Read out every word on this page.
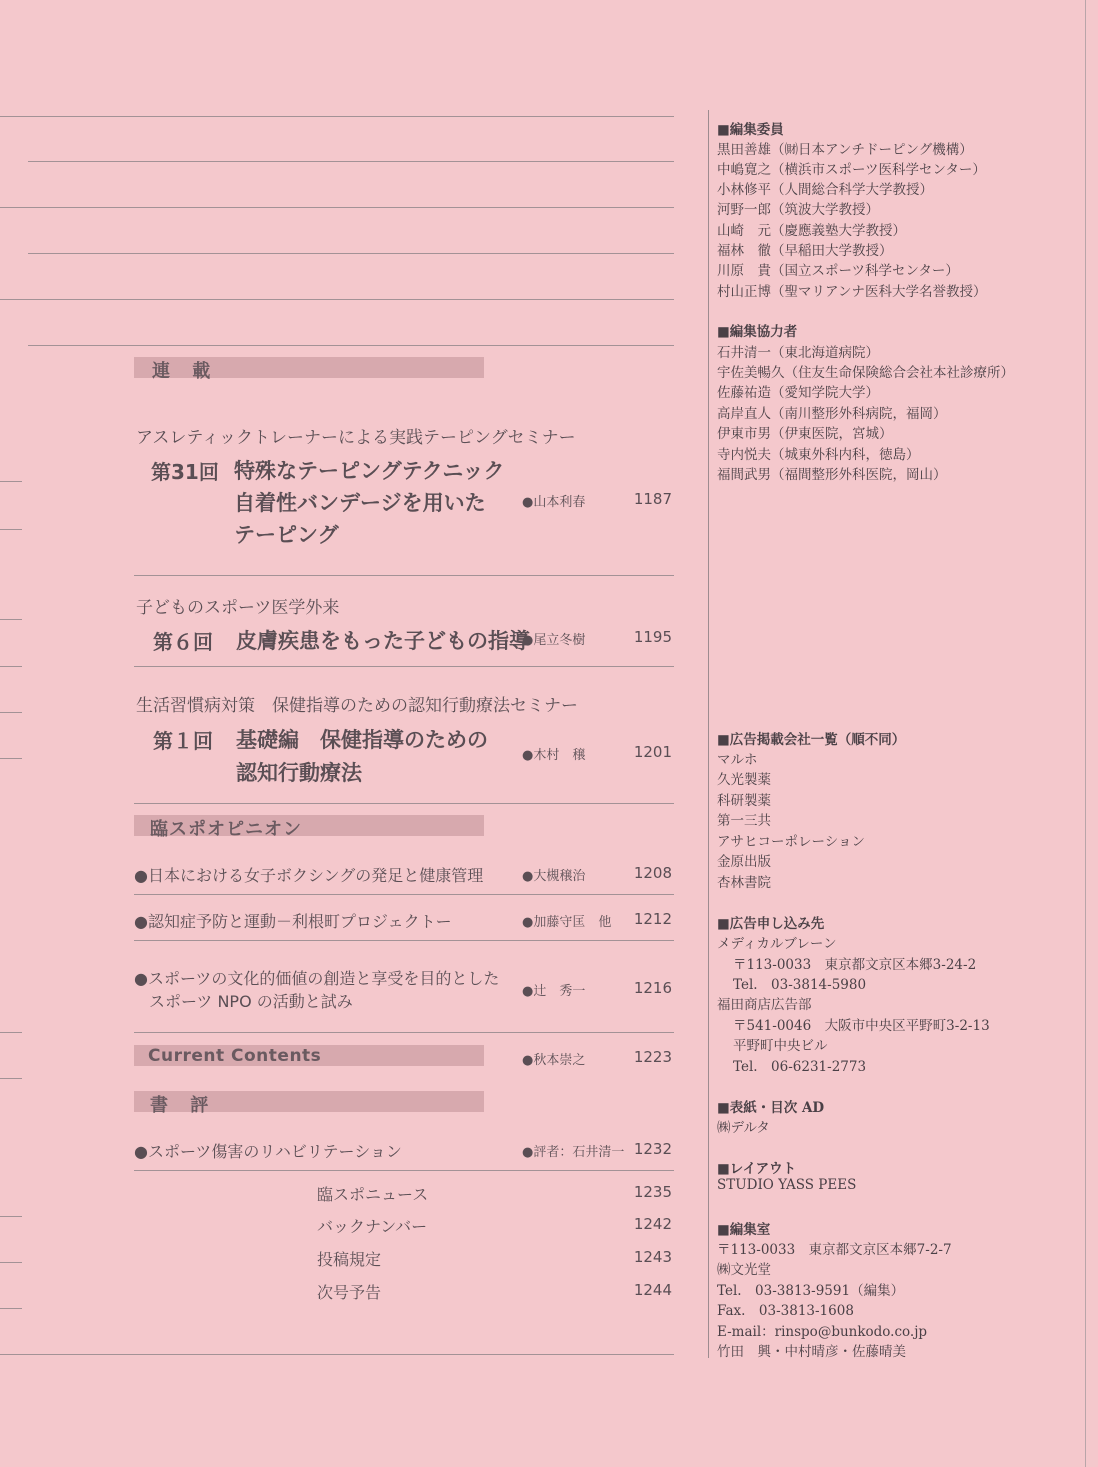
連 載
アスレティックトレーナーによる実践テーピングセミナー
第31回 特殊なテーピングテクニック
自着性バンデージを用いた
テーピング
●山本利春	1187
子どものスポーツ医学外来
第６回 皮膚疾患をもった子どもの指導
●尾立冬樹	1195
生活習慣病対策　保健指導のための認知行動療法セミナー
第１回 基礎編　保健指導のための
認知行動療法
●木村　穣	1201
臨スポオピニオン
●日本における女子ボクシングの発足と健康管理	●大槻穣治	1208
●認知症予防と運動－利根町プロジェクトー	●加藤守匡　他	1212
●スポーツの文化的価値の創造と享受を目的とした
スポーツ NPO の活動と試み
●辻　秀一	1216
Current Contents	●秋本崇之	1223
書 評
●スポーツ傷害のリハビリテーション	●評者：石井清一 1232
臨スポニュース	1235
バックナンバー	1242
投稿規定	1243
次号予告	1244
■編集委員
黒田善雄（㈶日本アンチドーピング機構）
中嶋寛之（横浜市スポーツ医科学センター）
小林修平（人間総合科学大学教授）
河野一郎（筑波大学教授）
山崎　元（慶應義塾大学教授）
福林　徹（早稲田大学教授）
川原　貴（国立スポーツ科学センター）
村山正博（聖マリアンナ医科大学名誉教授）
■編集協力者
石井清一（東北海道病院）
宇佐美暢久（住友生命保険総合会社本社診療所）
佐藤祐造（愛知学院大学）
高岸直人（南川整形外科病院，福岡）
伊東市男（伊東医院，宮城）
寺内悦夫（城東外科内科，徳島）
福間武男（福間整形外科医院，岡山）
■広告掲載会社一覧（順不同）
マルホ
久光製薬
科研製薬
第一三共
アサヒコーポレーション
金原出版
杏林書院
■広告申し込み先
メディカルブレーン
〒113-0033　東京都文京区本郷3-24-2
Tel.　03-3814-5980
福田商店広告部
〒541-0046　大阪市中央区平野町3-2-13
平野町中央ビル
Tel.　06-6231-2773
■表紙・目次 AD
㈱デルタ
■レイアウト
STUDIO YASS PEES
■編集室
〒113-0033　東京都文京区本郷7-2-7
㈱文光堂
Tel.　03-3813-9591（編集）
Fax.　03-3813-1608
E-mail：rinspo@bunkodo.co.jp
竹田　興・中村晴彦・佐藤晴美
